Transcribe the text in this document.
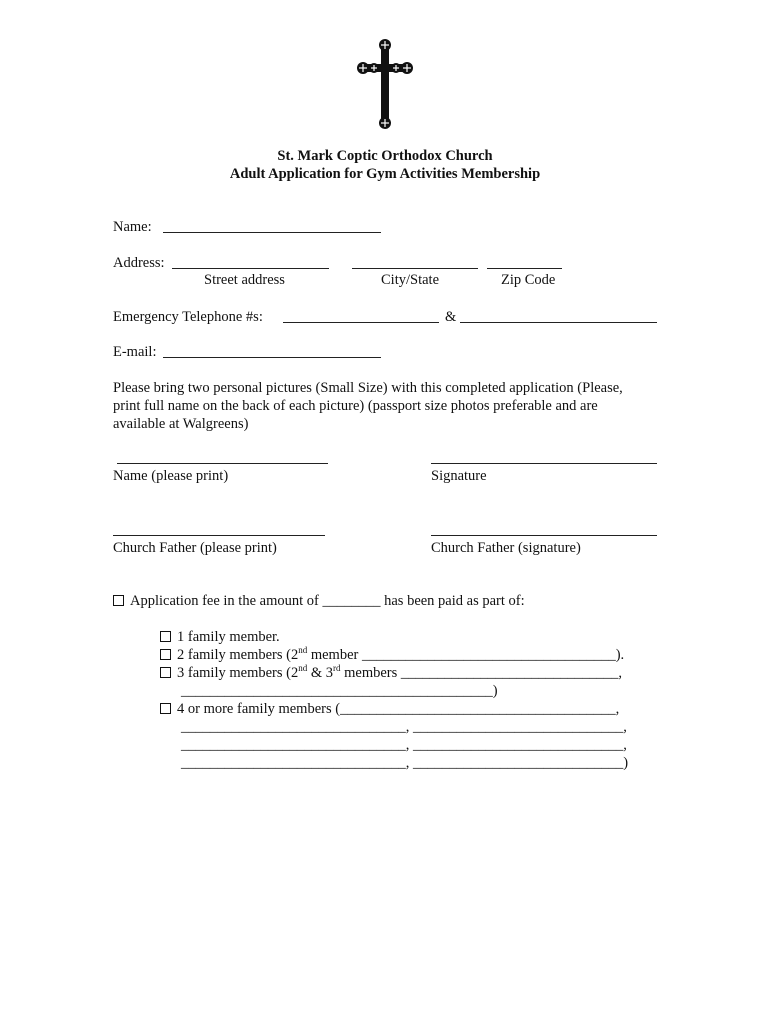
St. Mark Coptic Orthodox Church
Adult Application for Gym Activities Membership
Name:
Address:
Street address	City/State	Zip Code
Emergency Telephone #s:	&
E-mail:
Please bring two personal pictures (Small Size) with this completed application (Please,
print full name on the back of each picture) (passport size photos preferable and are
available at Walgreens)
Name (please print)	Signature
Church Father (please print)	Church Father (signature)
Application fee in the amount of ________ has been paid as part of:
1 family member.
2 family members (2nd member ___________________________________).
3 family members (2nd & 3rd members ______________________________,
___________________________________________)
4 or more family members (______________________________________,
_______________________________, _____________________________,
_______________________________, _____________________________,
_______________________________, _____________________________)
